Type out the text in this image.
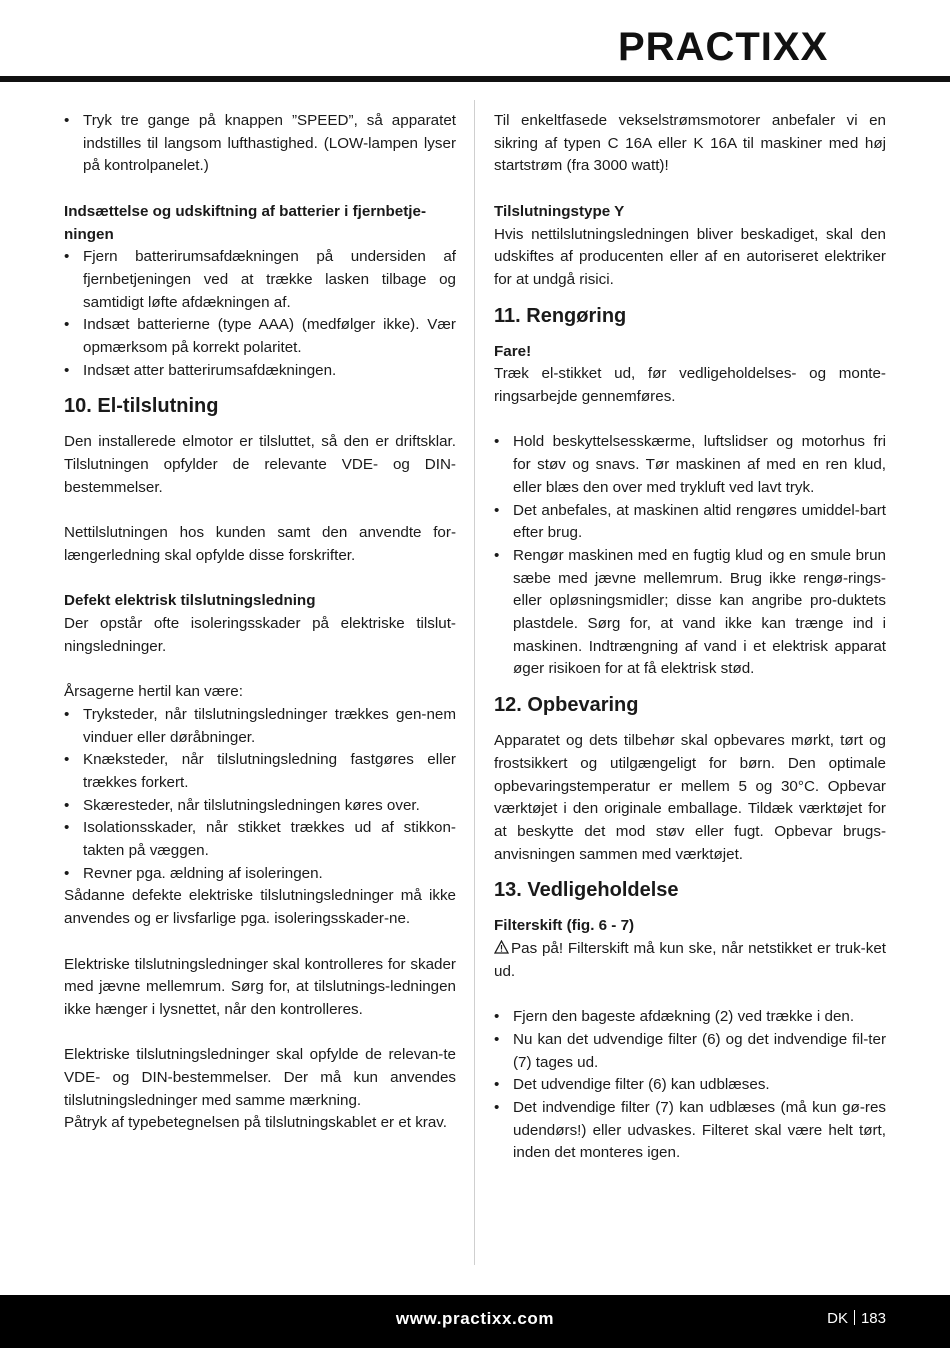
PRACTIXX
• Tryk tre gange på knappen ”SPEED”, så apparatet indstilles til langsom lufthastighed. (LOW-lampen lyser på kontrolpanelet.)
Indsættelse og udskiftning af batterier i fjernbetje-ningen
• Fjern batterirumsafdækningen på undersiden af fjernbetjeningen ved at trække lasken tilbage og samtidigt løfte afdækningen af.
• Indsæt batterierne (type AAA) (medfølger ikke). Vær opmærksom på korrekt polaritet.
• Indsæt atter batterirumsafdækningen.
10. El-tilslutning
Den installerede elmotor er tilsluttet, så den er driftsklar. Tilslutningen opfylder de relevante VDE- og DIN-bestemmelser.
Nettilslutningen hos kunden samt den anvendte for-længerledning skal opfylde disse forskrifter.
Defekt elektrisk tilslutningsledning
Der opstår ofte isoleringsskader på elektriske tilslut-ningsledninger.
Årsagerne hertil kan være:
• Tryksteder, når tilslutningsledninger trækkes gen-nem vinduer eller døråbninger.
• Knæksteder, når tilslutningsledning fastgøres eller trækkes forkert.
• Skæresteder, når tilslutningsledningen køres over.
• Isolationsskader, når stikket trækkes ud af stikkon-takten på væggen.
• Revner pga. ældning af isoleringen.
Sådanne defekte elektriske tilslutningsledninger må ikke anvendes og er livsfarlige pga. isoleringsskader-ne.
Elektriske tilslutningsledninger skal kontrolleres for skader med jævne mellemrum. Sørg for, at tilslutnings-ledningen ikke hænger i lysnettet, når den kontrolleres.
Elektriske tilslutningsledninger skal opfylde de relevan-te VDE- og DIN-bestemmelser. Der må kun anvendes tilslutningsledninger med samme mærkning.
Påtryk af typebetegnelsen på tilslutningskablet er et krav.
Til enkeltfasede vekselstrømsmotorer anbefaler vi en sikring af typen C 16A eller K 16A til maskiner med høj startstrøm (fra 3000 watt)!
Tilslutningstype Y
Hvis nettilslutningsledningen bliver beskadiget, skal den udskiftes af producenten eller af en autoriseret elektriker for at undgå risici.
11. Rengøring
Fare!
Træk el-stikket ud, før vedligeholdelses- og monte-ringsarbejde gennemføres.
• Hold beskyttelsesskærme, luftslidser og motorhus fri for støv og snavs. Tør maskinen af med en ren klud, eller blæs den over med trykluft ved lavt tryk.
• Det anbefales, at maskinen altid rengøres umiddel-bart efter brug.
• Rengør maskinen med en fugtig klud og en smule brun sæbe med jævne mellemrum. Brug ikke rengø-rings- eller opløsningsmidler; disse kan angribe pro-duktets plastdele. Sørg for, at vand ikke kan trænge ind i maskinen. Indtrængning af vand i et elektrisk apparat øger risikoen for at få elektrisk stød.
12. Opbevaring
Apparatet og dets tilbehør skal opbevares mørkt, tørt og frostsikkert og utilgængeligt for børn. Den optimale opbevaringstemperatur er mellem 5 og 30°C. Opbevar værktøjet i den originale emballage. Tildæk værktøjet for at beskytte det mod støv eller fugt. Opbevar brugs-anvisningen sammen med værktøjet.
13. Vedligeholdelse
Filterskift (fig. 6 - 7)
Pas på! Filterskift må kun ske, når netstikket er truk-ket ud.
• Fjern den bageste afdækning (2) ved trække i den.
• Nu kan det udvendige filter (6) og det indvendige fil-ter (7) tages ud.
• Det udvendige filter (6) kan udblæses.
• Det indvendige filter (7) kan udblæses (må kun gø-res udendørs!) eller udvaskes. Filteret skal være helt tørt, inden det monteres igen.
www.practixx.com	DK 183
